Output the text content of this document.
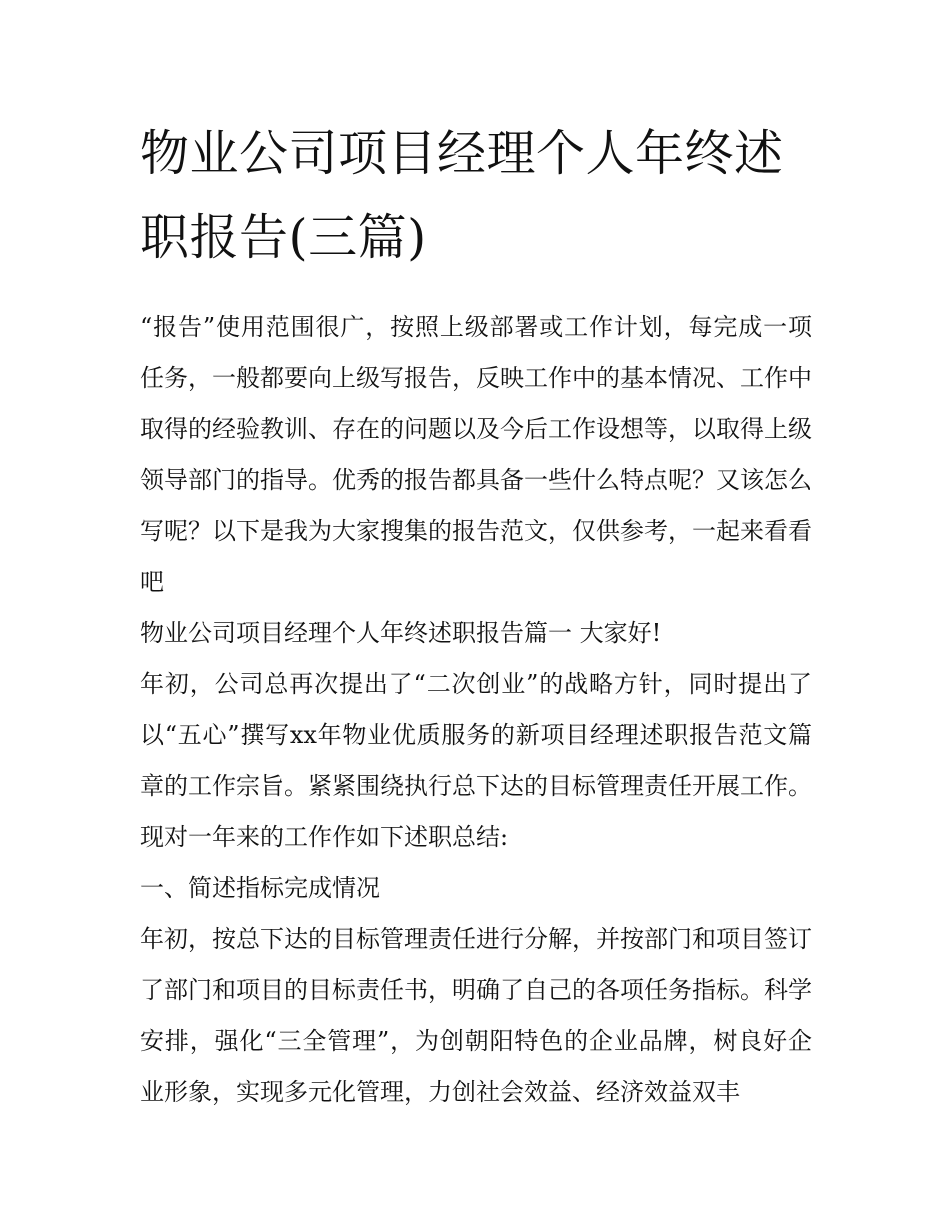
物业公司项目经理个人年终述职报告(三篇)

“报告”使用范围很广，按照上级部署或工作计划，每完成一项任务，一般都要向上级写报告，反映工作中的基本情况、工作中取得的经验教训、存在的问题以及今后工作设想等，以取得上级领导部门的指导。优秀的报告都具备一些什么特点呢？又该怎么写呢？以下是我为大家搜集的报告范文，仅供参考，一起来看看吧

物业公司项目经理个人年终述职报告篇一 大家好!

年初，公司总再次提出了“二次创业”的战略方针，同时提出了以“五心”撰写xx年物业优质服务的新项目经理述职报告范文篇章的工作宗旨。紧紧围绕执行总下达的目标管理责任开展工作。现对一年来的工作作如下述职总结:

一、简述指标完成情况

年初，按总下达的目标管理责任进行分解，并按部门和项目签订了部门和项目的目标责任书，明确了自己的各项任务指标。科学安排，强化“三全管理”，为创朝阳特色的企业品牌，树良好企业形象，实现多元化管理，力创社会效益、经济效益双丰
